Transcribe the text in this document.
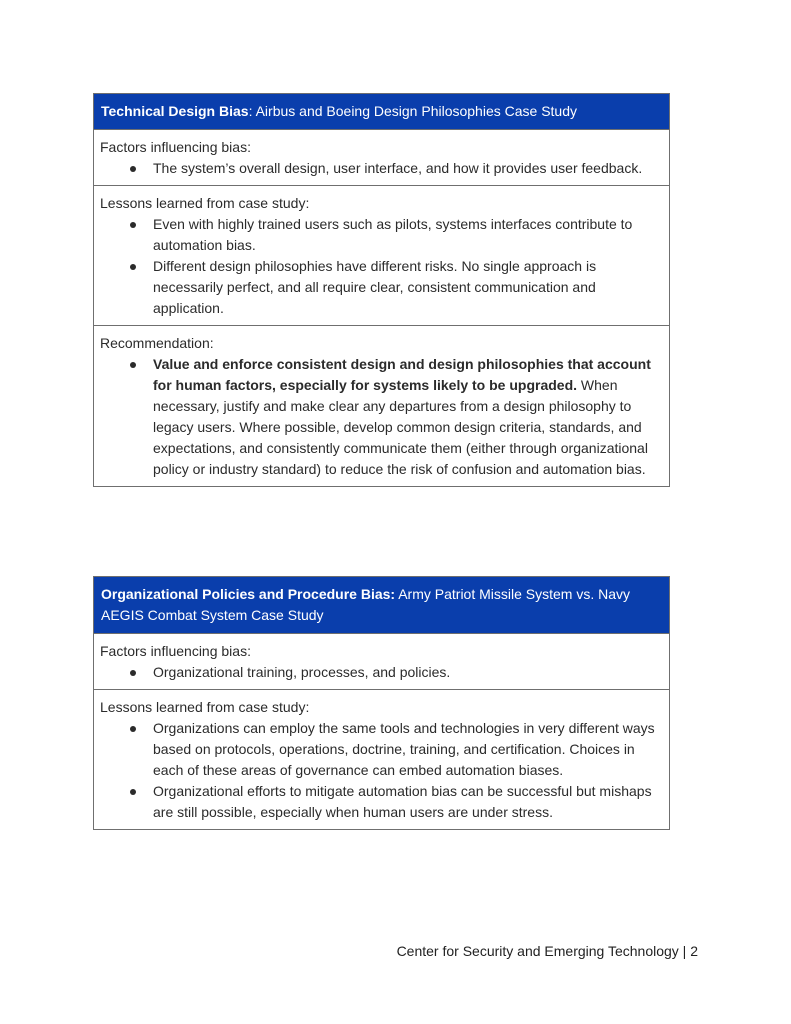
Technical Design Bias: Airbus and Boeing Design Philosophies Case Study
Factors influencing bias:
The system’s overall design, user interface, and how it provides user feedback.
Lessons learned from case study:
Even with highly trained users such as pilots, systems interfaces contribute to automation bias.
Different design philosophies have different risks. No single approach is necessarily perfect, and all require clear, consistent communication and application.
Recommendation:
Value and enforce consistent design and design philosophies that account for human factors, especially for systems likely to be upgraded. When necessary, justify and make clear any departures from a design philosophy to legacy users. Where possible, develop common design criteria, standards, and expectations, and consistently communicate them (either through organizational policy or industry standard) to reduce the risk of confusion and automation bias.
Organizational Policies and Procedure Bias: Army Patriot Missile System vs. Navy AEGIS Combat System Case Study
Factors influencing bias:
Organizational training, processes, and policies.
Lessons learned from case study:
Organizations can employ the same tools and technologies in very different ways based on protocols, operations, doctrine, training, and certification. Choices in each of these areas of governance can embed automation biases.
Organizational efforts to mitigate automation bias can be successful but mishaps are still possible, especially when human users are under stress.
Center for Security and Emerging Technology | 2
